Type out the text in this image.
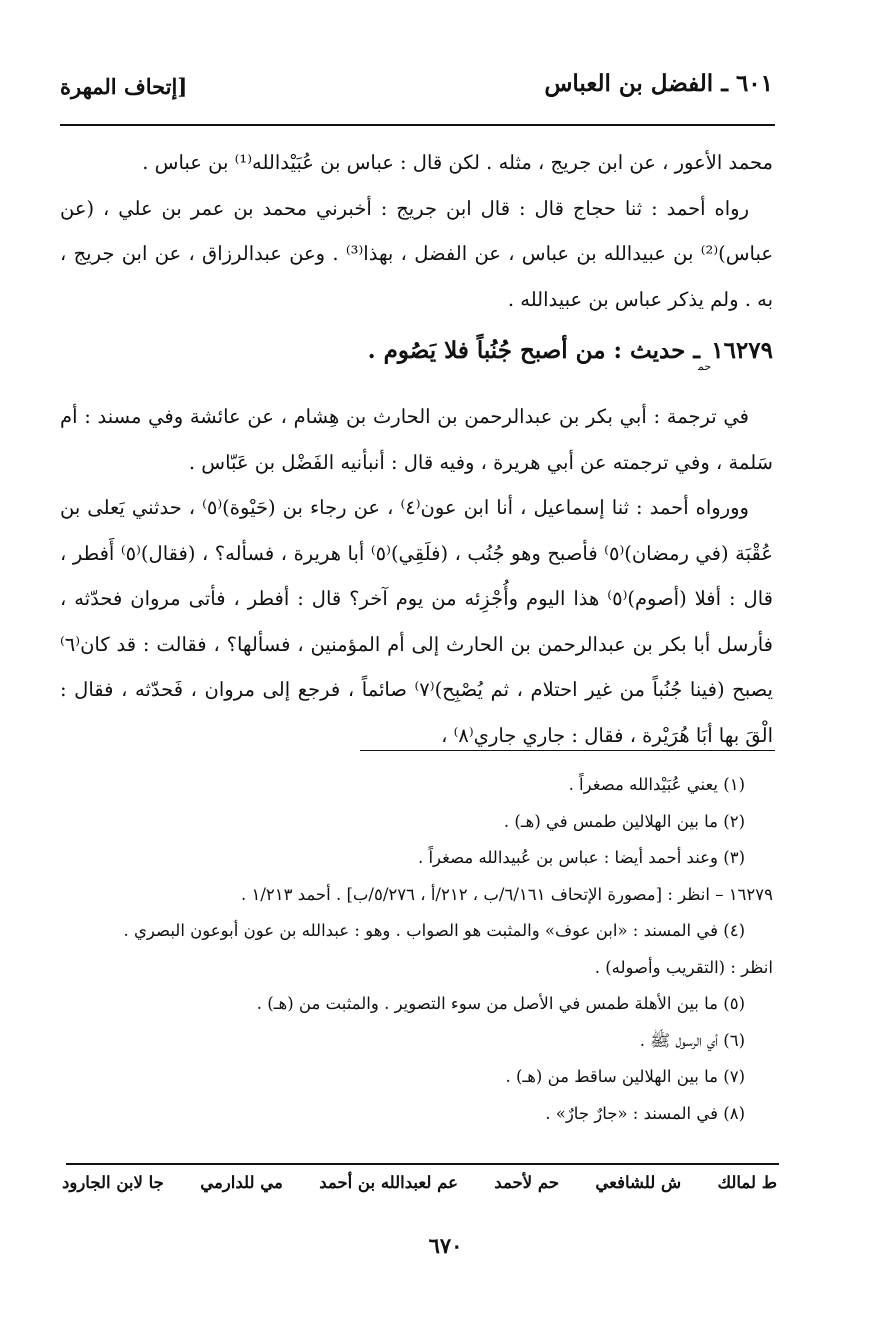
٦٠١ ـ الفضل بن العباس
[إتحاف المهرة

محمد الأعور ، عن ابن جريج ، مثله . لكن قال : عباس بن عُبَيْدالله⁽¹⁾ بن عباس .

رواه أحمد : ثنا حجاج قال : قال ابن جريج : أخبرني محمد بن عمر بن علي ، (عن عباس)⁽²⁾ بن عبيدالله بن عباس ، عن الفضل ، بهذا⁽³⁾ . وعن عبدالرزاق ، عن ابن جريج ، به . ولم يذكر عباس بن عبيدالله .

$١٦٢٧٩_{حم}ـ$ حديث : من أصبح جُنُباً فلا يَصُوم .

في ترجمة : أبي بكر بن عبدالرحمن بن الحارث بن هِشام ، عن عائشة وفي مسند : أم سَلمة ، وفي ترجمته عن أبي هريرة ، وفيه قال : أنبأنيه الفَضْل بن عَبّاس .

وورواه أحمد : ثنا إسماعيل ، أنا ابن عون⁽٤⁾ ، عن رجاء بن (حَيْوة)⁽٥⁾ ، حدثني يَعلى بن عُقْبَة (في رمضان)⁽٥⁾ فأصبح وهو جُنُب ، (فلَقِي)⁽٥⁾ أبا هريرة ، فسأله؟ ، (فقال)⁽٥⁾ أَفطر ، قال : أفلا (أصوم)⁽٥⁾ هذا اليوم وأُجْزِئه من يوم آخر؟ قال : أفطر ، فأتى مروان فحدّثه ، فأرسل أبا بكر بن عبدالرحمن بن الحارث إلى أم المؤمنين ، فسألها؟ ، فقالت : قد كان⁽٦⁾ يصبح (فينا جُنُباً من غير احتلام ، ثم يُصْبِح)⁽٧⁾ صائماً ، فرجع إلى مروان ، فَحدّثه ، فقال : الْقَ بها أبَا هُرَيْرة ، فقال : جاري جاري⁽٨⁾ ،

(١) يعني عُبَيْدالله مصغراً .
(٢) ما بين الهلالين طمس في (هـ) .
(٣) وعند أحمد أيضا : عباس بن عُبيدالله مصغراً .
١٦٢٧٩ – انظر : [مصورة الإتحاف ٦/١٦١/ب ، ٢١٢/أ ، ٥/٢٧٦/ب] . أحمد ١/٢١٣ .
(٤) في المسند : «ابن عوف» والمثبت هو الصواب . وهو : عبدالله بن عون أبوعون البصري .
انظر : (التقريب وأصوله) .
(٥) ما بين الأهلة طمس في الأصل من سوء التصوير . والمثبت من (هـ) .
(٦) أي الرسول ﷺ .
(٧) ما بين الهلالين ساقط من (هـ) .
(٨) في المسند : «جارٌ جارٌ» .
ط لمالك
ش للشافعي
حم لأحمد
عم لعبدالله بن أحمد
مي للدارمي
جا لابن الجارود
٦٧٠
